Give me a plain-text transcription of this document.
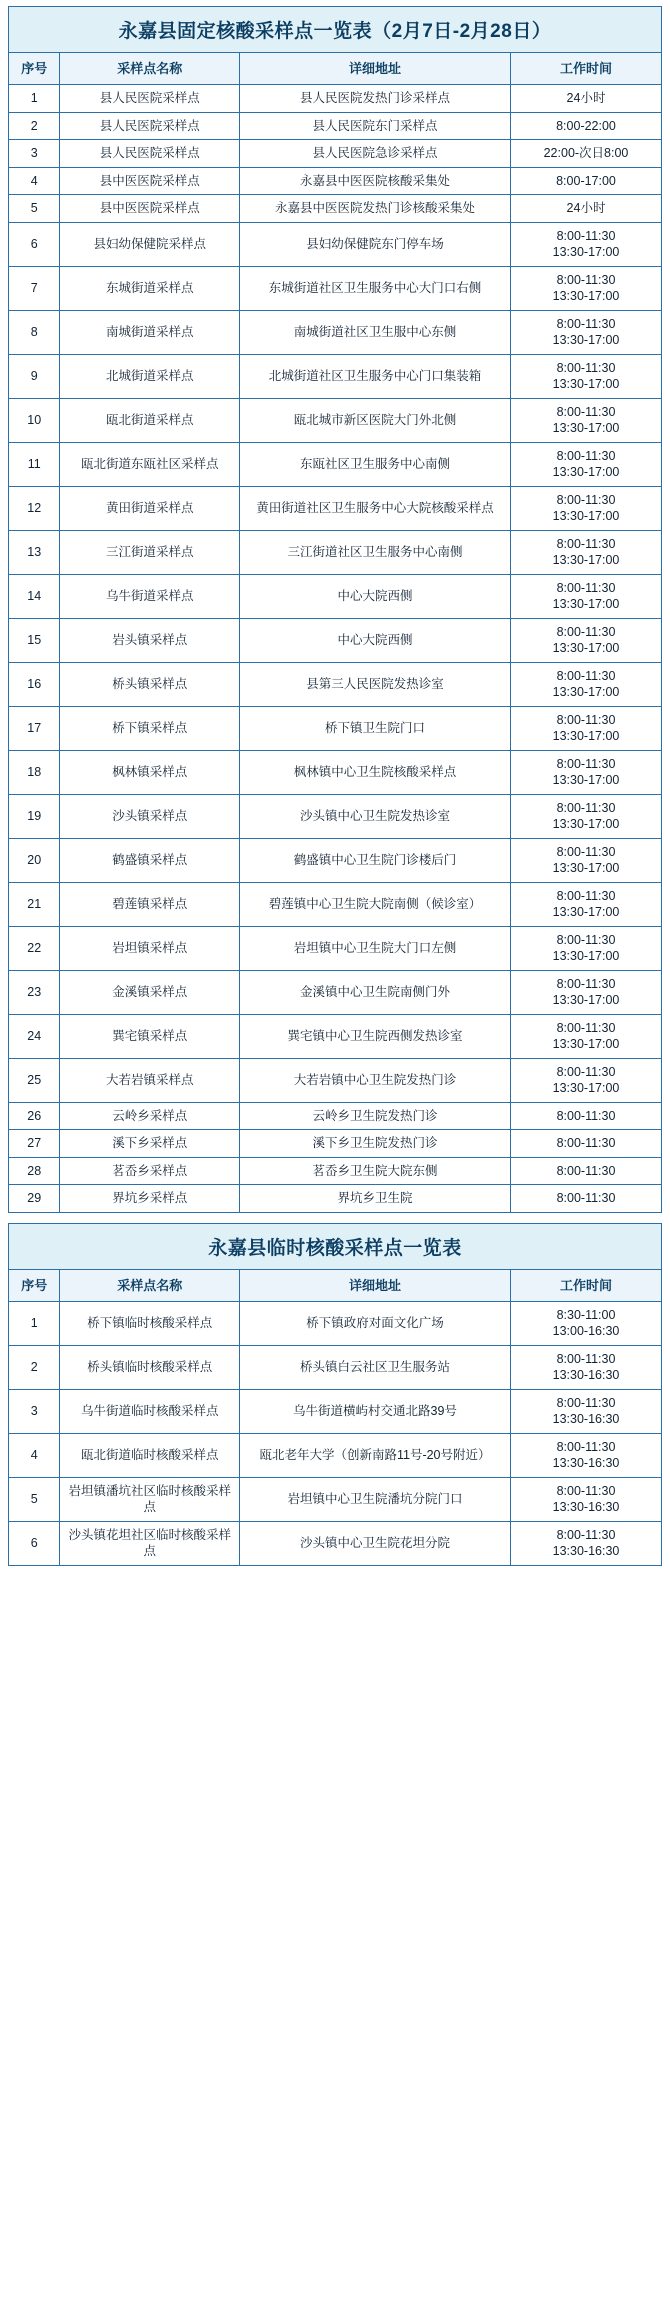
永嘉县固定核酸采样点一览表（2月7日-2月28日）
序号	采样点名称	详细地址	工作时间
1	县人民医院采样点	县人民医院发热门诊采样点	24小时

2	县人民医院采样点	县人民医院东门采样点	8:00-22:00

3	县人民医院采样点	县人民医院急诊采样点	22:00-次日8:00

4	县中医医院采样点	永嘉县中医医院核酸采集处	8:00-17:00

5	县中医医院采样点	永嘉县中医医院发热门诊核酸采集处	24小时

6	县妇幼保健院采样点	县妇幼保健院东门停车场	8:00-11:30
13:30-17:00

7	东城街道采样点	东城街道社区卫生服务中心大门口右侧	8:00-11:30
13:30-17:00

8	南城街道采样点	南城街道社区卫生服中心东侧	8:00-11:30
13:30-17:00

9	北城街道采样点	北城街道社区卫生服务中心门口集装箱	8:00-11:30
13:30-17:00

10	瓯北街道采样点	瓯北城市新区医院大门外北侧	8:00-11:30
13:30-17:00

11	瓯北街道东瓯社区采样点	东瓯社区卫生服务中心南侧	8:00-11:30
13:30-17:00

12	黄田街道采样点	黄田街道社区卫生服务中心大院核酸采样点	8:00-11:30
13:30-17:00

13	三江街道采样点	三江街道社区卫生服务中心南侧	8:00-11:30
13:30-17:00

14	乌牛街道采样点	中心大院西侧	8:00-11:30
13:30-17:00

15	岩头镇采样点	中心大院西侧	8:00-11:30
13:30-17:00

16	桥头镇采样点	县第三人民医院发热诊室	8:00-11:30
13:30-17:00

17	桥下镇采样点	桥下镇卫生院门口	8:00-11:30
13:30-17:00

18	枫林镇采样点	枫林镇中心卫生院核酸采样点	8:00-11:30
13:30-17:00

19	沙头镇采样点	沙头镇中心卫生院发热诊室	8:00-11:30
13:30-17:00

20	鹤盛镇采样点	鹤盛镇中心卫生院门诊楼后门	8:00-11:30
13:30-17:00

21	碧莲镇采样点	碧莲镇中心卫生院大院南侧（候诊室）	8:00-11:30
13:30-17:00

22	岩坦镇采样点	岩坦镇中心卫生院大门口左侧	8:00-11:30
13:30-17:00

23	金溪镇采样点	金溪镇中心卫生院南侧门外	8:00-11:30
13:30-17:00

24	巽宅镇采样点	巽宅镇中心卫生院西侧发热诊室	8:00-11:30
13:30-17:00

25	大若岩镇采样点	大若岩镇中心卫生院发热门诊	8:00-11:30
13:30-17:00

26	云岭乡采样点	云岭乡卫生院发热门诊	8:00-11:30

27	溪下乡采样点	溪下乡卫生院发热门诊	8:00-11:30

28	茗岙乡采样点	茗岙乡卫生院大院东侧	8:00-11:30

29	界坑乡采样点	界坑乡卫生院	8:00-11:30
永嘉县临时核酸采样点一览表
序号	采样点名称	详细地址	工作时间
1	桥下镇临时核酸采样点	桥下镇政府对面文化广场	8:30-11:00
13:00-16:30

2	桥头镇临时核酸采样点	桥头镇白云社区卫生服务站	8:00-11:30
13:30-16:30

3	乌牛街道临时核酸采样点	乌牛街道横屿村交通北路39号	8:00-11:30
13:30-16:30

4	瓯北街道临时核酸采样点	瓯北老年大学（创新南路11号-20号附近）	8:00-11:30
13:30-16:30

5	岩坦镇潘坑社区临时核酸采样点	岩坦镇中心卫生院潘坑分院门口	8:00-11:30
13:30-16:30

6	沙头镇花坦社区临时核酸采样点	沙头镇中心卫生院花坦分院	8:00-11:30
13:30-16:30
